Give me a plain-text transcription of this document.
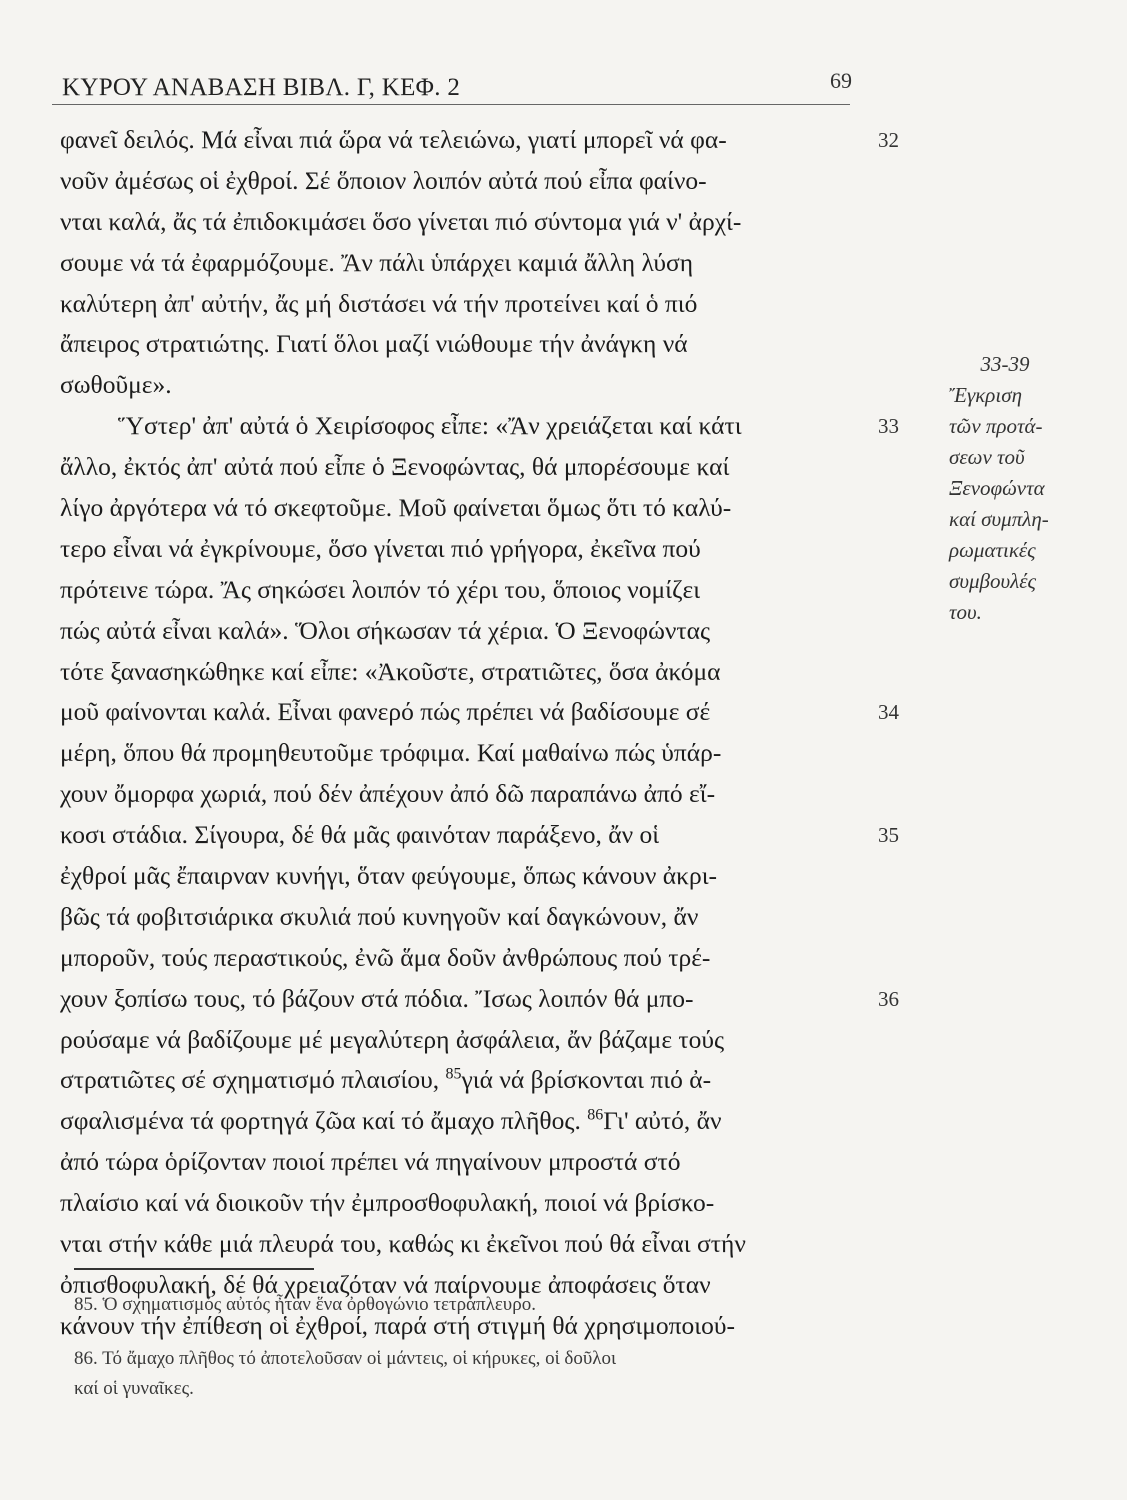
ΚΥΡΟΥ ΑΝΑΒΑΣΗ ΒΙΒΛ. Γ, ΚΕΦ. 2	69
φανεῖ δειλός. Μά εἶναι πιά ὥρα νά τελειώνω, γιατί μπορεῖ νά φα-	32
νοῦν ἀμέσως οἱ ἐχθροί. Σέ ὅποιον λοιπόν αὐτά πού εἶπα φαίνο-
νται καλά, ἄς τά ἐπιδοκιμάσει ὅσο γίνεται πιό σύντομα γιά ν' ἀρχί-
σουμε νά τά ἐφαρμόζουμε. Ἄν πάλι ὑπάρχει καμιά ἄλλη λύση
καλύτερη ἀπ' αὐτήν, ἄς μή διστάσει νά τήν προτείνει καί ὁ πιό
ἄπειρος στρατιώτης. Γιατί ὅλοι μαζί νιώθουμε τήν ἀνάγκη νά
σωθοῦμε».
Ὕστερ' ἀπ' αὐτά ὁ Χειρίσοφος εἶπε: «Ἄν χρειάζεται καί κάτι	33
ἄλλο, ἐκτός ἀπ' αὐτά πού εἶπε ὁ Ξενοφώντας, θά μπορέσουμε καί
λίγο ἀργότερα νά τό σκεφτοῦμε. Μοῦ φαίνεται ὅμως ὅτι τό καλύ-
τερο εἶναι νά ἐγκρίνουμε, ὅσο γίνεται πιό γρήγορα, ἐκεῖνα πού
πρότεινε τώρα. Ἄς σηκώσει λοιπόν τό χέρι του, ὅποιος νομίζει
πώς αὐτά εἶναι καλά». Ὅλοι σήκωσαν τά χέρια. Ὁ Ξενοφώντας
τότε ξανασηκώθηκε καί εἶπε: «Ἀκοῦστε, στρατιῶτες, ὅσα ἀκόμα
μοῦ φαίνονται καλά. Εἶναι φανερό πώς πρέπει νά βαδίσουμε σέ	34
μέρη, ὅπου θά προμηθευτοῦμε τρόφιμα. Καί μαθαίνω πώς ὑπάρ-
χουν ὄμορφα χωριά, πού δέν ἀπέχουν ἀπό δῶ παραπάνω ἀπό εἴ-
κοσι στάδια. Σίγουρα, δέ θά μᾶς φαινόταν παράξενο, ἄν οἱ	35
ἐχθροί μᾶς ἔπαιρναν κυνήγι, ὅταν φεύγουμε, ὅπως κάνουν ἀκρι-
βῶς τά φοβιτσιάρικα σκυλιά πού κυνηγοῦν καί δαγκώνουν, ἄν
μποροῦν, τούς περαστικούς, ἐνῶ ἅμα δοῦν ἀνθρώπους πού τρέ-
χουν ξοπίσω τους, τό βάζουν στά πόδια. Ἴσως λοιπόν θά μπο-	36
ρούσαμε νά βαδίζουμε μέ μεγαλύτερη ἀσφάλεια, ἄν βάζαμε τούς
στρατιῶτες σέ σχηματισμό πλαισίου, $^{85}$γιά νά βρίσκονται πιό ἀ-
σφαλισμένα τά φορτηγά ζῶα καί τό ἄμαχο πλῆθος. $^{86}$Γι' αὐτό, ἄν
ἀπό τώρα ὁρίζονταν ποιοί πρέπει νά πηγαίνουν μπροστά στό
πλαίσιο καί νά διοικοῦν τήν ἐμπροσθοφυλακή, ποιοί νά βρίσκο-
νται στήν κάθε μιά πλευρά του, καθώς κι ἐκεῖνοι πού θά εἶναι στήν
ὀπισθοφυλακή, δέ θά χρειαζόταν νά παίρνουμε ἀποφάσεις ὅταν
κάνουν τήν ἐπίθεση οἱ ἐχθροί, παρά στή στιγμή θά χρησιμοποιού-
33-39
Ἔγκριση
τῶν προτά-
σεων τοῦ
Ξενοφώντα
καί συμπλη-
ρωματικές
συμβουλές
του.
85. Ὁ σχηματισμός αὐτός ἦταν ἕνα ὀρθογώνιο τετράπλευρο.
86. Τό ἄμαχο πλῆθος τό ἀποτελοῦσαν οἱ μάντεις, οἱ κήρυκες, οἱ δοῦλοι
καί οἱ γυναῖκες.
